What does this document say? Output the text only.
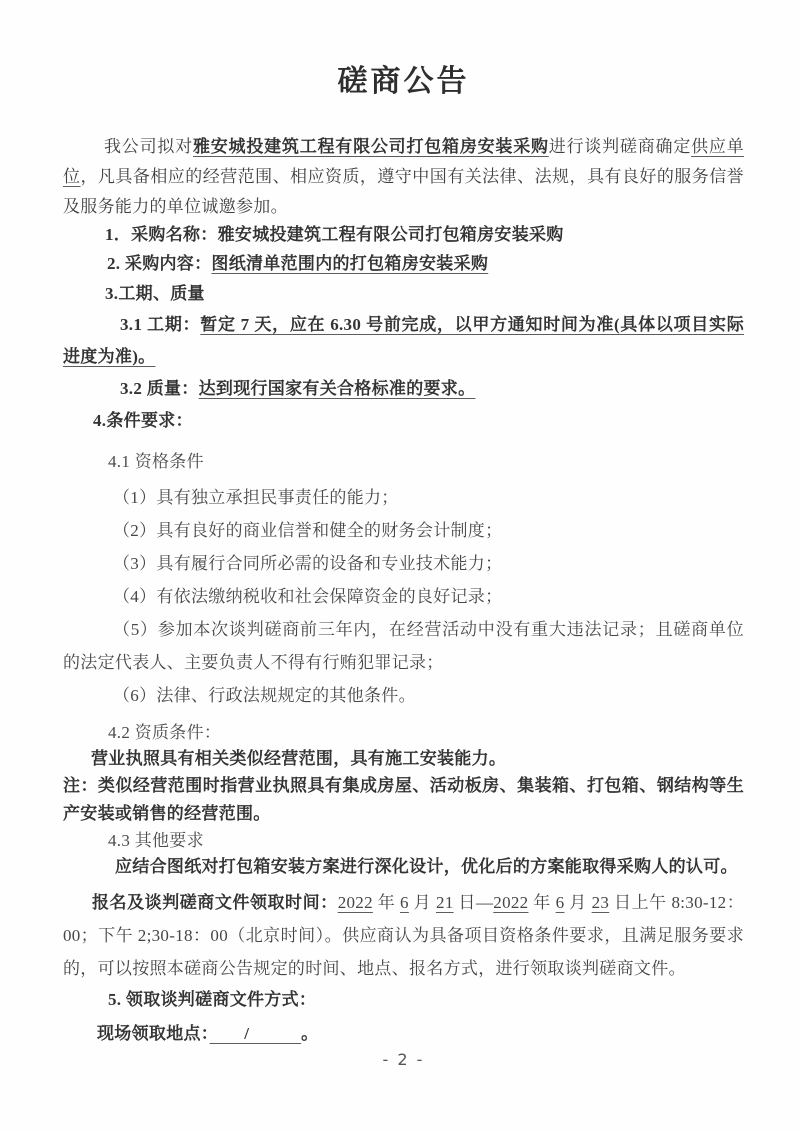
磋商公告

我公司拟对雅安城投建筑工程有限公司打包箱房安装采购进行谈判磋商确定供应单位，凡具备相应的经营范围、相应资质，遵守中国有关法律、法规，具有良好的服务信誉及服务能力的单位诚邀参加。

1．采购名称：雅安城投建筑工程有限公司打包箱房安装采购

2. 采购内容：图纸清单范围内的打包箱房安装采购

3.工期、质量

3.1 工期：暂定 7 天，应在 6.30 号前完成，以甲方通知时间为准(具体以项目实际进度为准)。

3.2 质量：达到现行国家有关合格标准的要求。

4.条件要求：

4.1 资格条件

（1）具有独立承担民事责任的能力；

（2）具有良好的商业信誉和健全的财务会计制度；

（3）具有履行合同所必需的设备和专业技术能力；

（4）有依法缴纳税收和社会保障资金的良好记录；

（5）参加本次谈判磋商前三年内，在经营活动中没有重大违法记录；且磋商单位的法定代表人、主要负责人不得有行贿犯罪记录；

（6）法律、行政法规规定的其他条件。

4.2 资质条件：

营业执照具有相关类似经营范围，具有施工安装能力。

注：类似经营范围时指营业执照具有集成房屋、活动板房、集装箱、打包箱、钢结构等生产安装或销售的经营范围。

4.3 其他要求

应结合图纸对打包箱安装方案进行深化设计，优化后的方案能取得采购人的认可。

报名及谈判磋商文件领取时间：2022 年 6 月 21 日—2022 年 6 月 23 日上午 8:30-12：00；下午 2;30-18：00（北京时间）。供应商认为具备项目资格条件要求，且满足服务要求的，可以按照本磋商公告规定的时间、地点、报名方式，进行领取谈判磋商文件。

5. 领取谈判磋商文件方式：

现场领取地点：　　/　　　。

- 2 -
